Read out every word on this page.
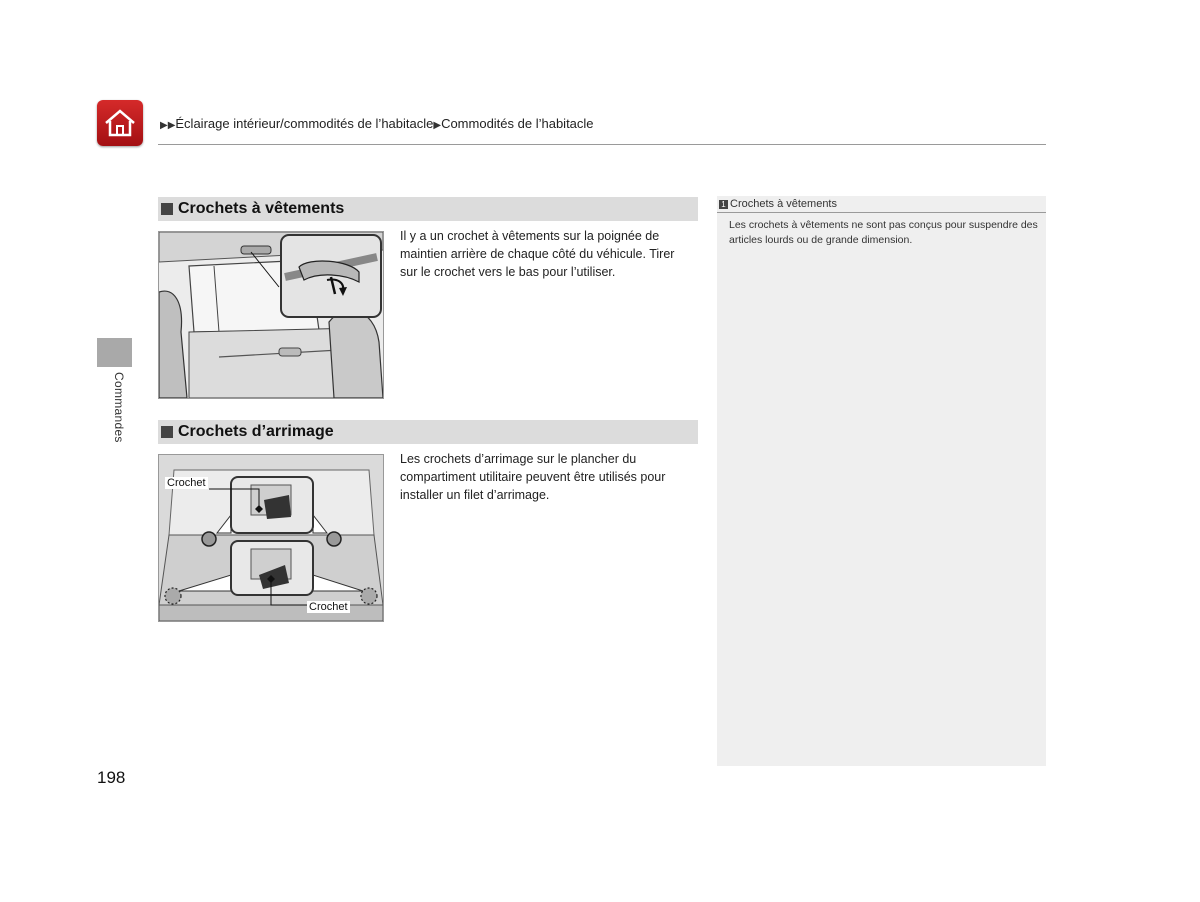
▶▶Éclairage intérieur/commodités de l’habitacle▶Commodités de l’habitacle
Commandes
Crochets à vêtements
Il y a un crochet à vêtements sur la poignée de maintien arrière de chaque côté du véhicule. Tirer sur le crochet vers le bas pour l’utiliser.
Crochets d’arrimage
Crochet
Crochet
Les crochets d’arrimage sur le plancher du compartiment utilitaire peuvent être utilisés pour installer un filet d’arrimage.
1 Crochets à vêtements
Les crochets à vêtements ne sont pas conçus pour suspendre des articles lourds ou de grande dimension.
198
